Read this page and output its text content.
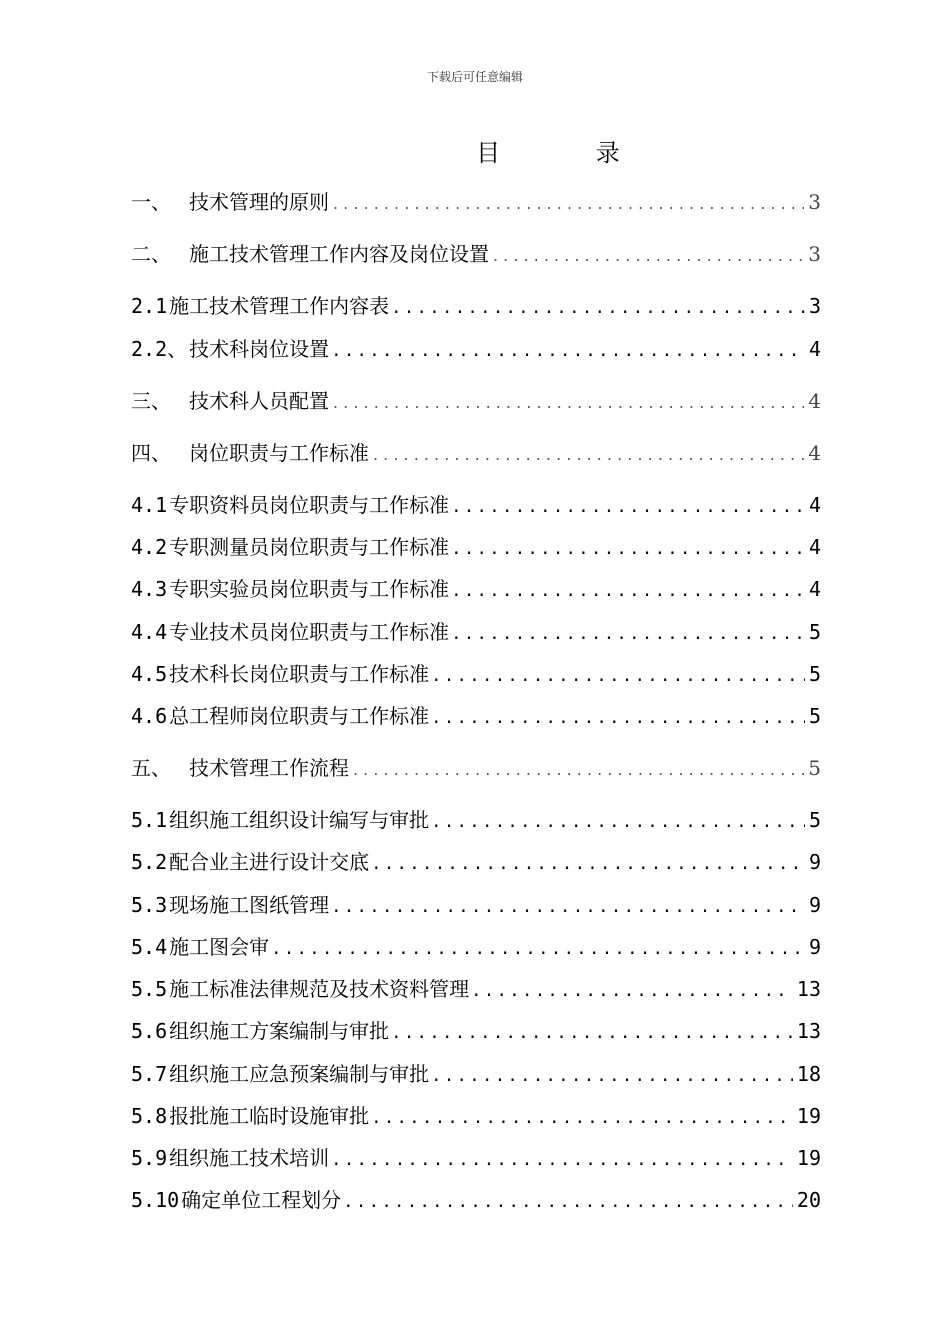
下载后可任意编辑
目 录
一、 技术管理的原则 . . .	3
二、 施工技术管理工作内容及岗位设置 . . .	3
2.1 施工技术管理工作内容表 . . .	3
2.2、 技术科岗位设置 . . .	4
三、 技术科人员配置 . . .	4
四、 岗位职责与工作标准 . . .	4
4.1 专职资料员岗位职责与工作标准 . . .	4
4.2 专职测量员岗位职责与工作标准 . . .	4
4.3 专职实验员岗位职责与工作标准 . . .	4
4.4 专业技术员岗位职责与工作标准 . . .	5
4.5 技术科长岗位职责与工作标准 . . .	5
4.6 总工程师岗位职责与工作标准 . . .	5
五、 技术管理工作流程 . . .	5
5.1 组织施工组织设计编写与审批 . . .	5
5.2 配合业主进行设计交底 . . .	9
5.3 现场施工图纸管理 . . .	9
5.4 施工图会审 . . .	9
5.5 施工标准法律规范及技术资料管理 . . .	13
5.6 组织施工方案编制与审批 . . .	13
5.7 组织施工应急预案编制与审批 . . .	18
5.8 报批施工临时设施审批 . . .	19
5.9 组织施工技术培训 . . .	19
5.10 确定单位工程划分 . . .	20
